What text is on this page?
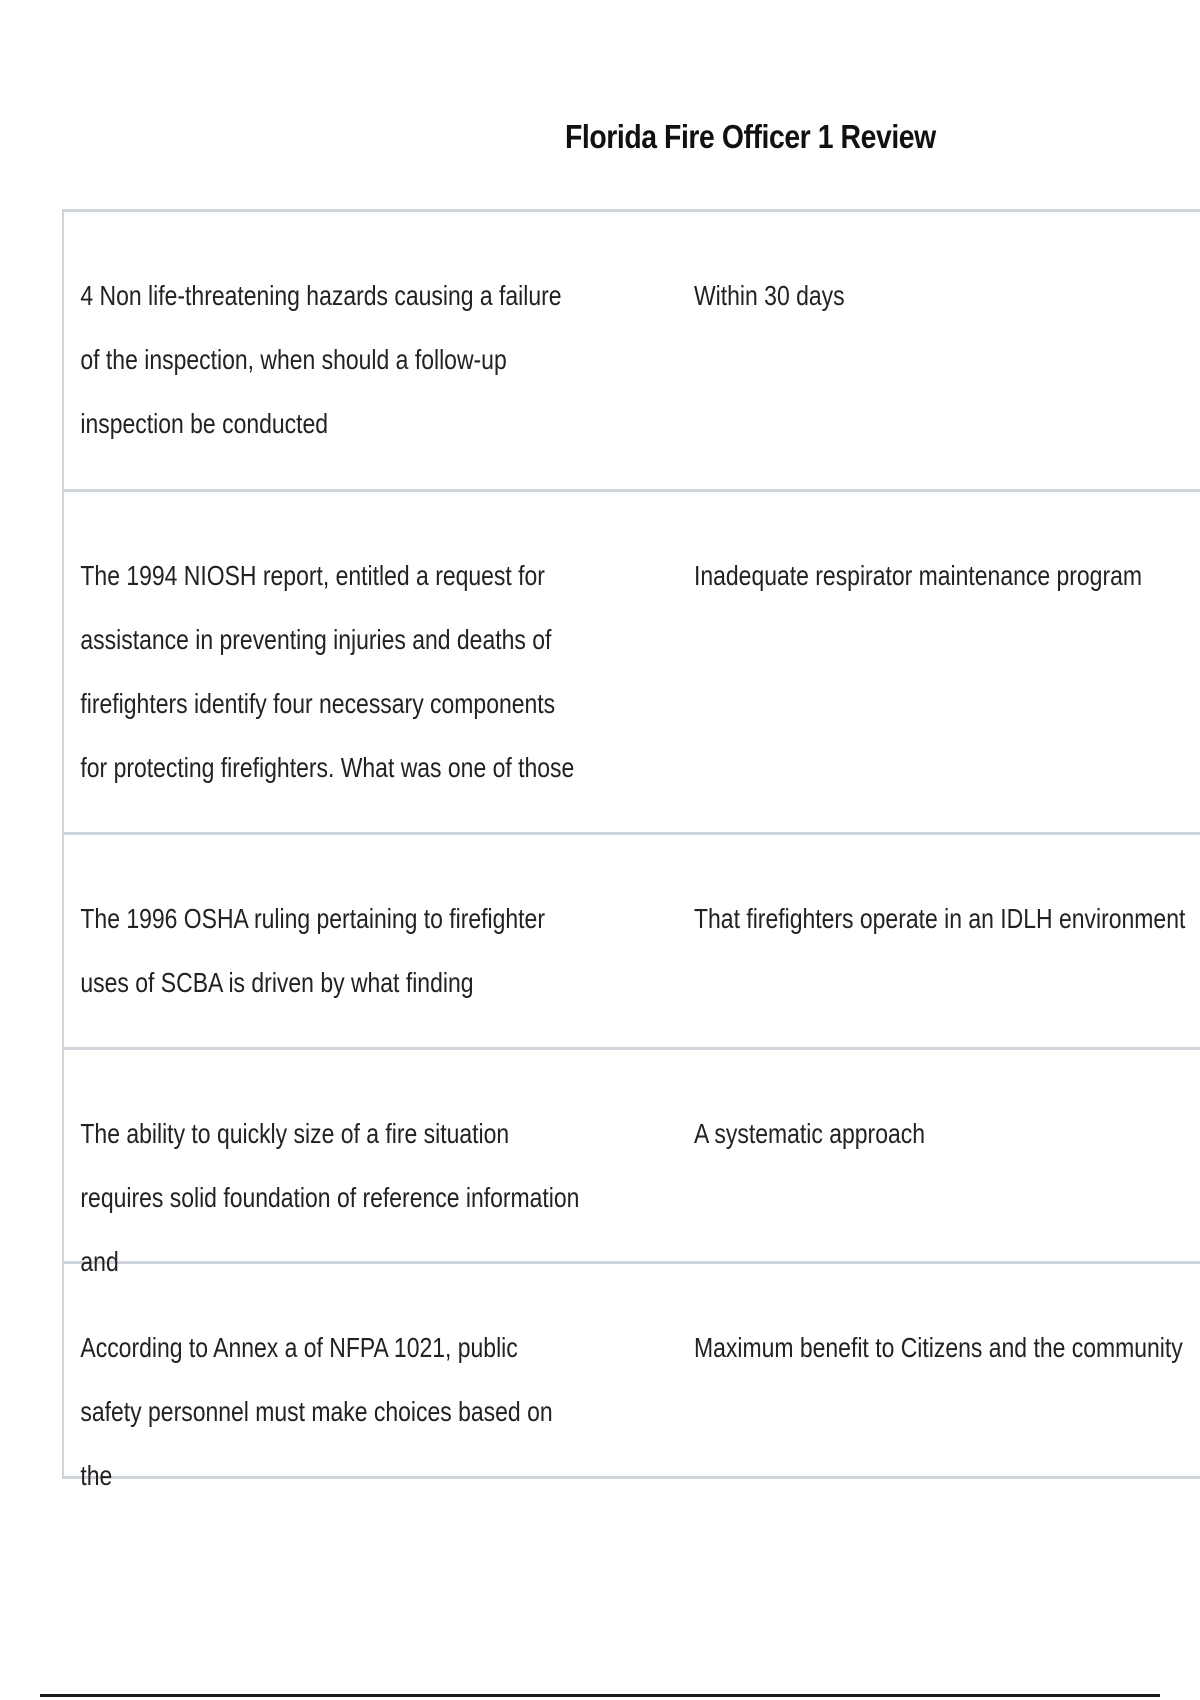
Florida Fire Officer 1 Review
4 Non life-threatening hazards causing a failure of the inspection, when should a follow-up inspection be conducted
Within 30 days
The 1994 NIOSH report, entitled a request for assistance in preventing injuries and deaths of firefighters identify four necessary components for protecting firefighters. What was one of those
Inadequate respirator maintenance program
The 1996 OSHA ruling pertaining to firefighter uses of SCBA is driven by what finding
That firefighters operate in an IDLH environment
The ability to quickly size of a fire situation requires solid foundation of reference information and
A systematic approach
According to Annex a of NFPA 1021, public safety personnel must make choices based on the
Maximum benefit to Citizens and the community
